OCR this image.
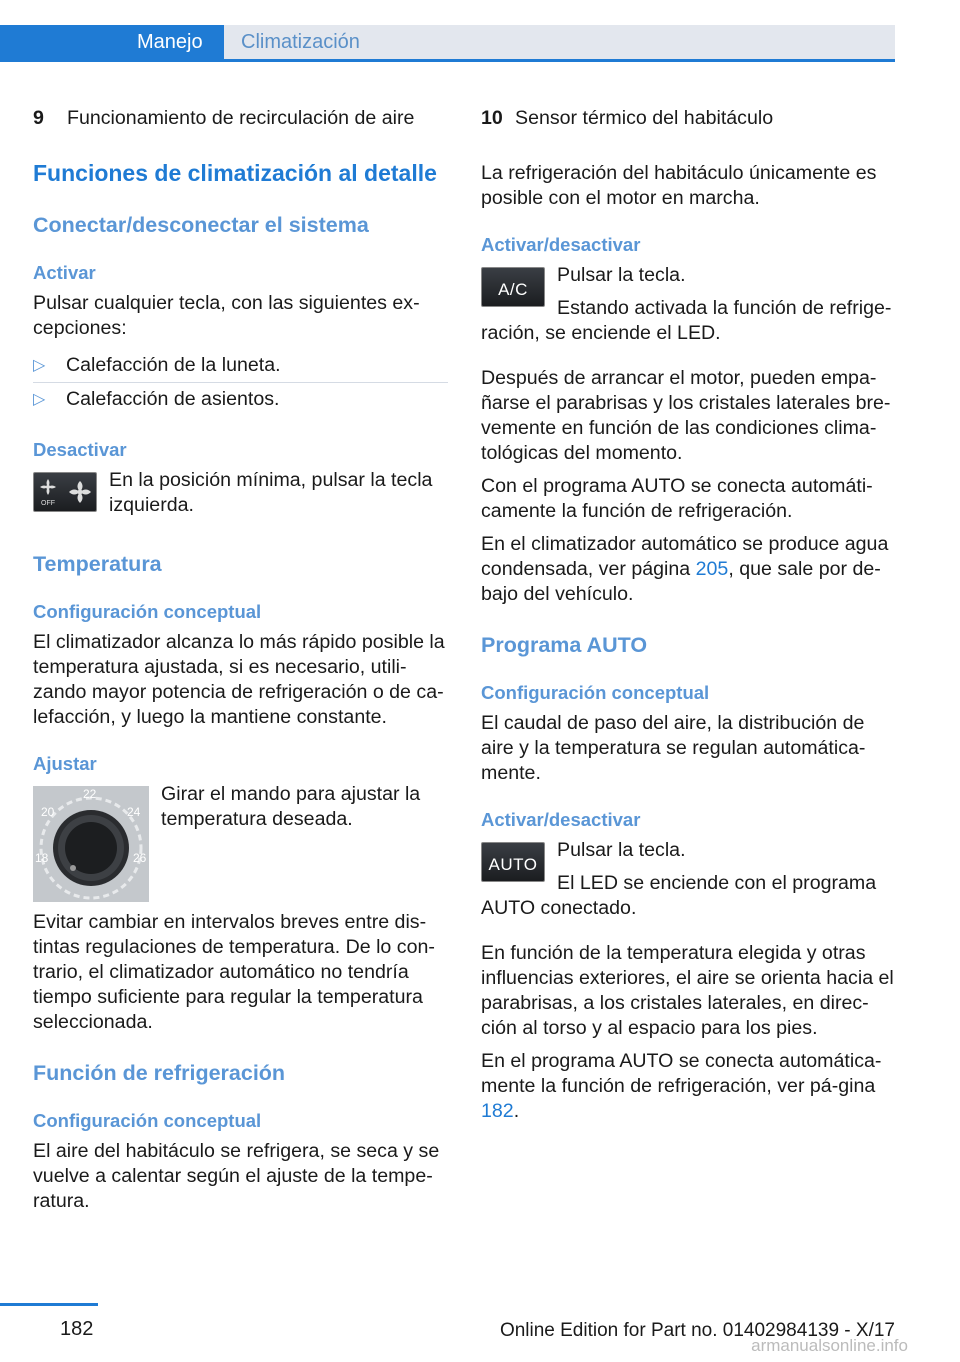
Manejo Climatización
9	Funcionamiento de recirculación de aire
Funciones de climatización al detalle
Conectar/desconectar el sistema
Activar

Pulsar cualquier tecla, con las siguientes ex‐cepciones:

▷	Calefacción de la luneta.
▷	Calefacción de asientos.
Desactivar
OFF

En la posición mínima, pulsar la tecla izquierda.

Temperatura
Configuración conceptual

El climatizador alcanza lo más rápido posible la temperatura ajustada, si es necesario, utili‐zando mayor potencia de refrigeración o de ca‐lefacción, y luego la mantiene constante.

Ajustar
18
20
22
24
26

Girar el mando para ajustar la temperatura deseada.

Evitar cambiar en intervalos breves entre dis‐tintas regulaciones de temperatura. De lo con‐trario, el climatizador automático no tendría tiempo suficiente para regular la temperatura seleccionada.

Función de refrigeración
Configuración conceptual

El aire del habitáculo se refrigera, se seca y se vuelve a calentar según el ajuste de la tempe‐ratura.

10 Sensor térmico del habitáculo

La refrigeración del habitáculo únicamente es posible con el motor en marcha.

Activar/desactivar
A/C

Pulsar la tecla.

Estando activada la función de refrige‐ración, se enciende el LED.

Después de arrancar el motor, pueden empa‐ñarse el parabrisas y los cristales laterales bre‐vemente en función de las condiciones clima‐tológicas del momento.

Con el programa AUTO se conecta automáti‐camente la función de refrigeración.

En el climatizador automático se produce agua condensada, ver página 205, que sale por de‐bajo del vehículo.

Programa AUTO
Configuración conceptual

El caudal de paso del aire, la distribución de aire y la temperatura se regulan automática‐mente.

Activar/desactivar
AUTO

Pulsar la tecla.

El LED se enciende con el programa AUTO conectado.

En función de la temperatura elegida y otras influencias exteriores, el aire se orienta hacia el parabrisas, a los cristales laterales, en direc‐ción al torso y al espacio para los pies.

En el programa AUTO se conecta automática‐mente la función de refrigeración, ver pá‐gina 182.

182	Online Edition for Part no. 01402984139 - X/17
armanualsonline.info
